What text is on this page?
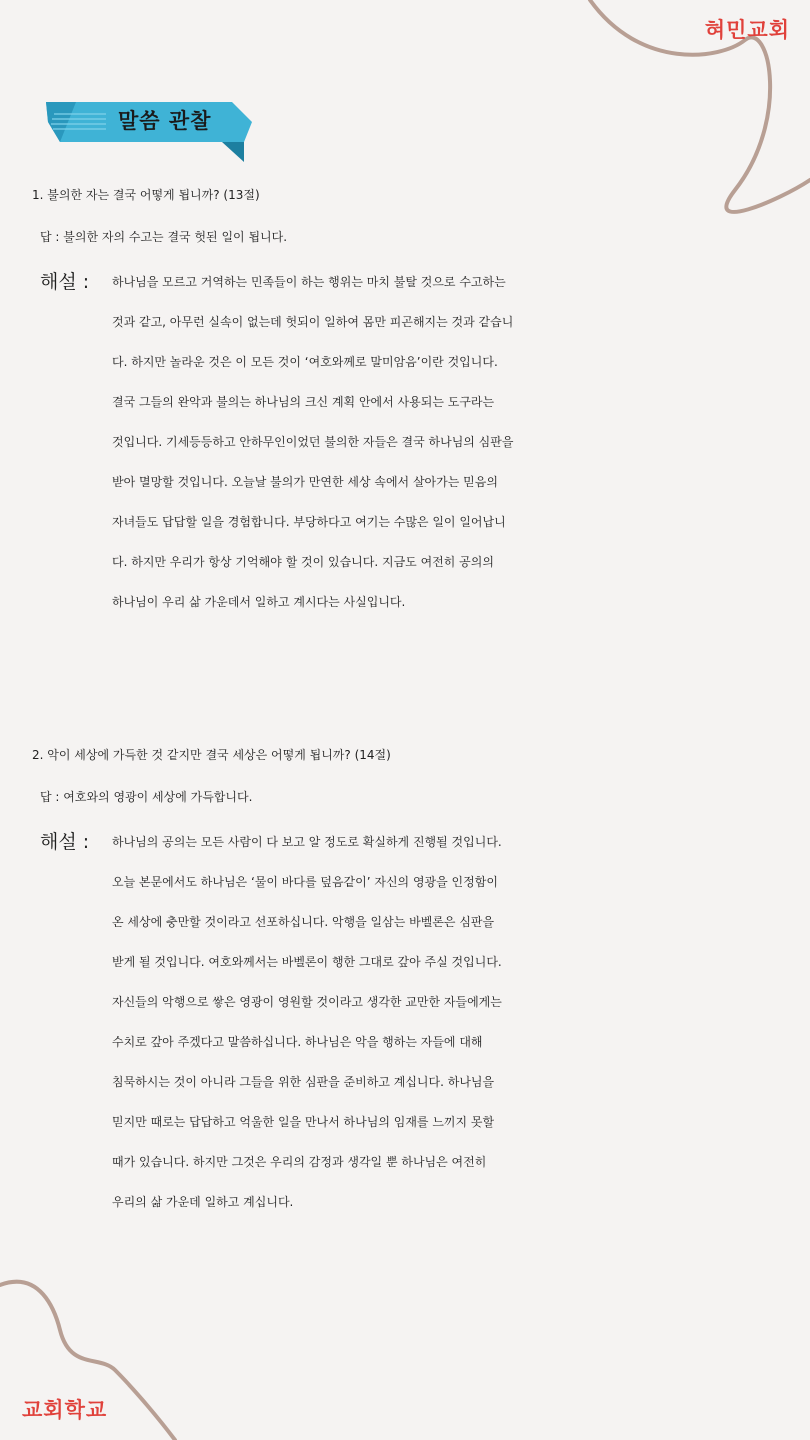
혀민교회
교회학교
말씀 관찰
1. 불의한 자는 결국 어떻게 됩니까? (13절)
답 : 불의한 자의 수고는 결국 헛된 일이 됩니다.
해설 : 하나님을 모르고 거역하는 민족들이 하는 행위는 마치 불탈 것으로 수고하는
것과 같고, 아무런 실속이 없는데 헛되이 일하여 몸만 피곤해지는 것과 같습니
다. 하지만 놀라운 것은 이 모든 것이 ‘여호와께로 말미암음’이란 것입니다.
결국 그들의 완악과 불의는 하나님의 크신 계획 안에서 사용되는 도구라는
것입니다. 기세등등하고 안하무인이었던 불의한 자들은 결국 하나님의 심판을
받아 멸망할 것입니다. 오늘날 불의가 만연한 세상 속에서 살아가는 믿음의
자녀들도 답답할 일을 경험합니다. 부당하다고 여기는 수많은 일이 일어납니
다. 하지만 우리가 항상 기억해야 할 것이 있습니다. 지금도 여전히 공의의
하나님이 우리 삶 가운데서 일하고 계시다는 사실입니다.
2. 악이 세상에 가득한 것 같지만 결국 세상은 어떻게 됩니까? (14절)
답 : 여호와의 영광이 세상에 가득합니다.
해설 : 하나님의 공의는 모든 사람이 다 보고 알 정도로 확실하게 진행될 것입니다.
오늘 본문에서도 하나님은 ‘물이 바다를 덮음같이’ 자신의 영광을 인정함이
온 세상에 충만할 것이라고 선포하십니다. 악행을 일삼는 바벨론은 심판을
받게 될 것입니다. 여호와께서는 바벨론이 행한 그대로 갚아 주실 것입니다.
자신들의 악행으로 쌓은 영광이 영원할 것이라고 생각한 교만한 자들에게는
수치로 갚아 주겠다고 말씀하십니다. 하나님은 악을 행하는 자들에 대해
침묵하시는 것이 아니라 그들을 위한 심판을 준비하고 계십니다. 하나님을
믿지만 때로는 답답하고 억울한 일을 만나서 하나님의 임재를 느끼지 못할
때가 있습니다. 하지만 그것은 우리의 감정과 생각일 뿐 하나님은 여전히
우리의 삶 가운데 일하고 계십니다.
